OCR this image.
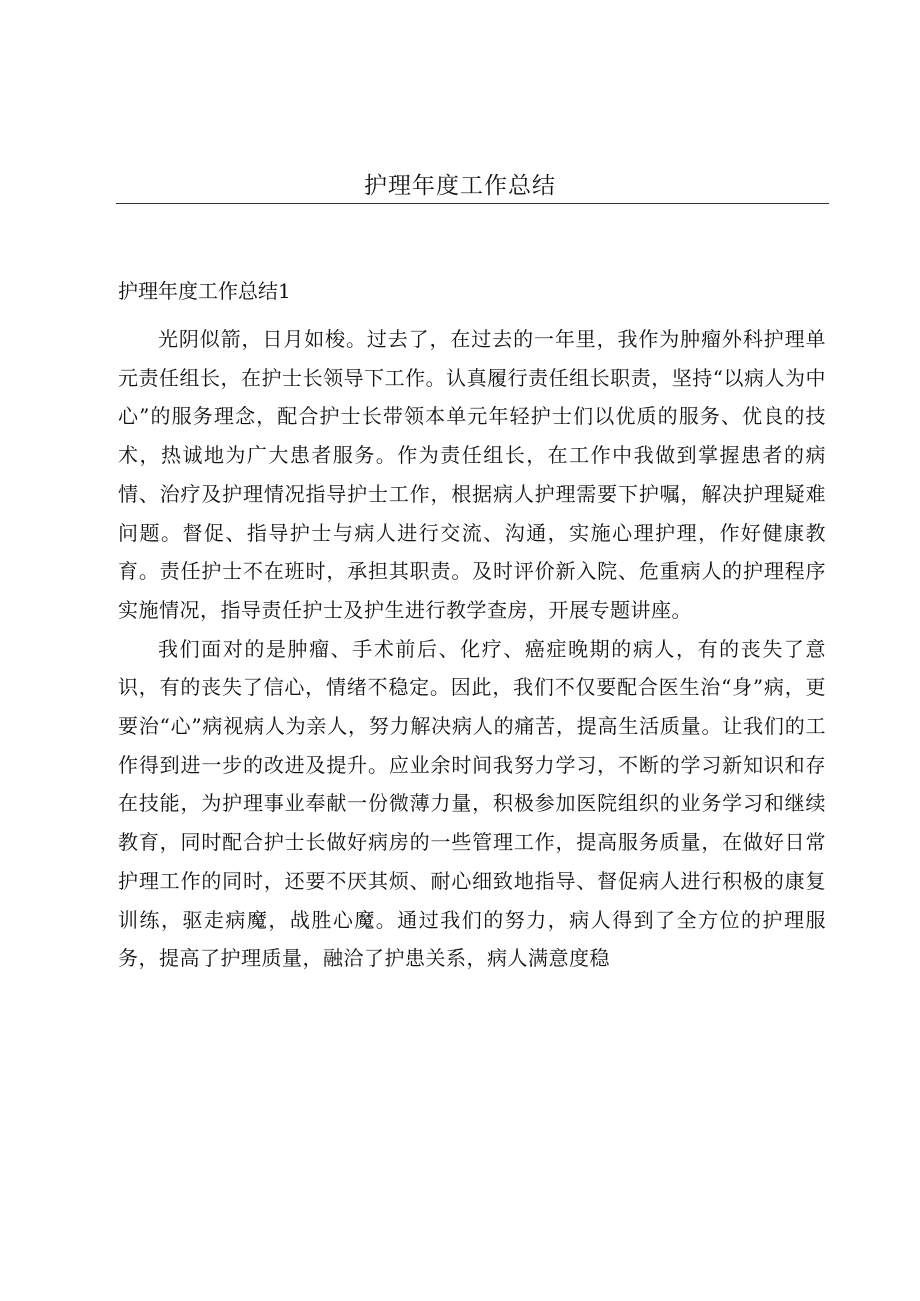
护理年度工作总结
护理年度工作总结1

光阴似箭，日月如梭。过去了，在过去的一年里，我作为肿瘤外科护理单元责任组长，在护士长领导下工作。认真履行责任组长职责，坚持“以病人为中心”的服务理念，配合护士长带领本单元年轻护士们以优质的服务、优良的技术，热诚地为广大患者服务。作为责任组长，在工作中我做到掌握患者的病情、治疗及护理情况指导护士工作，根据病人护理需要下护嘱，解决护理疑难问题。督促、指导护士与病人进行交流、沟通，实施心理护理，作好健康教育。责任护士不在班时，承担其职责。及时评价新入院、危重病人的护理程序实施情况，指导责任护士及护生进行教学查房，开展专题讲座。

我们面对的是肿瘤、手术前后、化疗、癌症晚期的病人，有的丧失了意识，有的丧失了信心，情绪不稳定。因此，我们不仅要配合医生治“身”病，更要治“心”病视病人为亲人，努力解决病人的痛苦，提高生活质量。让我们的工作得到进一步的改进及提升。应业余时间我努力学习，不断的学习新知识和存在技能，为护理事业奉献一份微薄力量，积极参加医院组织的业务学习和继续教育，同时配合护士长做好病房的一些管理工作，提高服务质量，在做好日常护理工作的同时，还要不厌其烦、耐心细致地指导、督促病人进行积极的康复训练，驱走病魔，战胜心魔。通过我们的努力，病人得到了全方位的护理服务，提高了护理质量，融洽了护患关系，病人满意度稳
